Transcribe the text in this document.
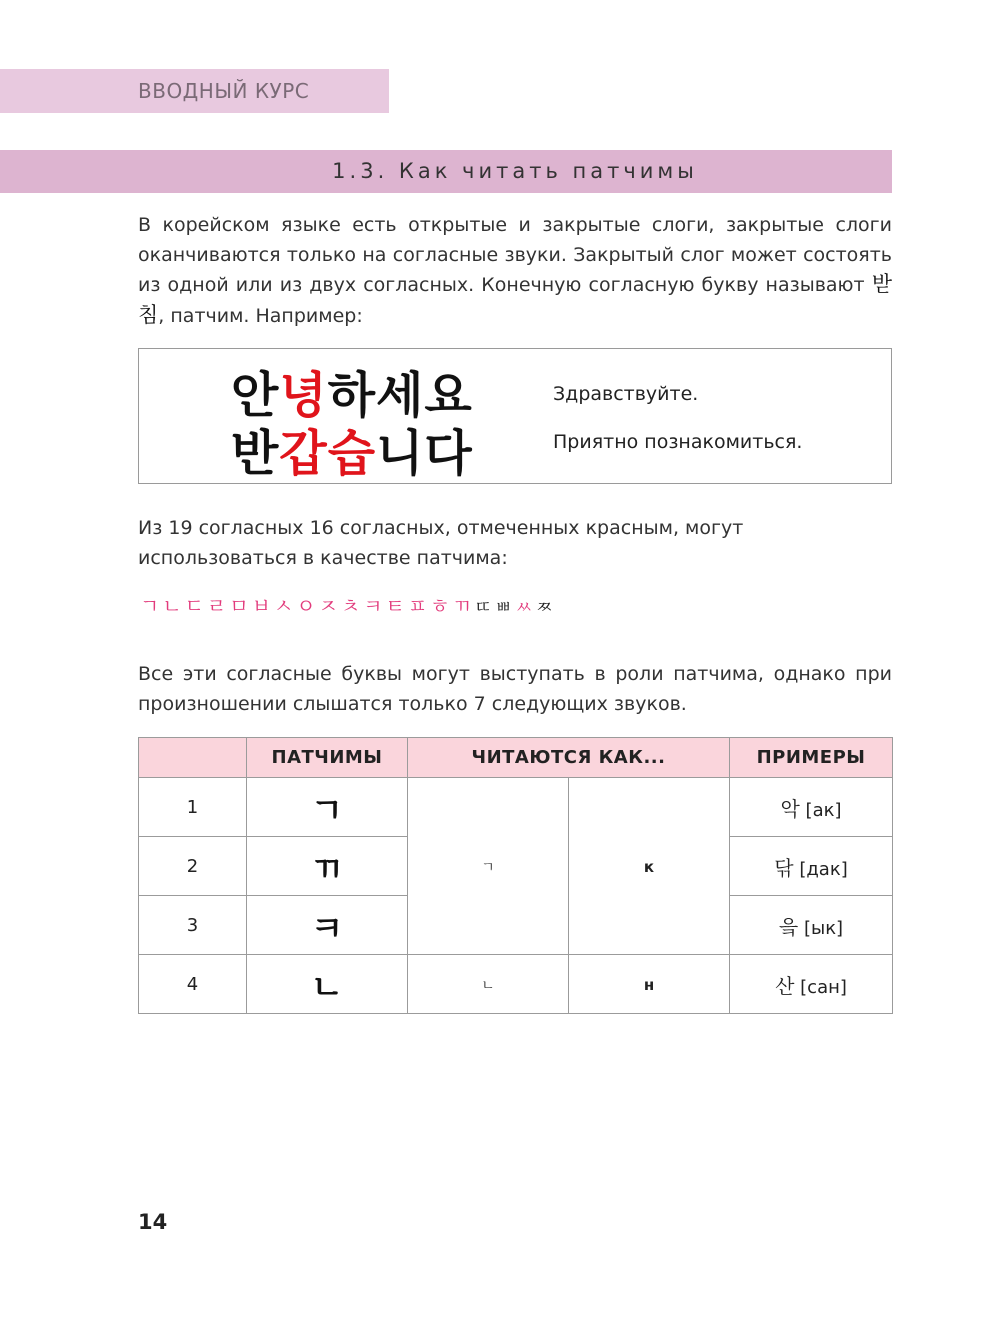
ВВОДНЫЙ КУРС
1.3. Как читать патчимы
В корейском языке есть открытые и закрытые слоги, закрытые слоги оканчиваются только на согласные звуки. Закрытый слог может состоять из одной или из двух согласных. Конечную согласную букву называют 받침, патчим. Например:
안녕하세요
반갑습니다
Здравствуйте.
Приятно познакомиться.
Из 19 согласных 16 согласных, отмеченных красным, могут использоваться в качестве патчима:
ㄱㄴㄷㄹㅁㅂㅅㅇㅈㅊㅋㅌㅍㅎㄲㄸ ㅃ ㅆ ㅉ
Все эти согласные буквы могут выступать в роли патчима, однако при произношении слышатся только 7 следующих звуков.
	ПАТЧИМЫ	ЧИТАЮТСЯ КАК...		ПРИМЕРЫ
1	ㄱ	ㄱ	к	악 [ак]
2	ㄲ			닦 [дак]
3	ㅋ			읔 [ык]
4	ㄴ	ㄴ	н	산 [сан]
14
